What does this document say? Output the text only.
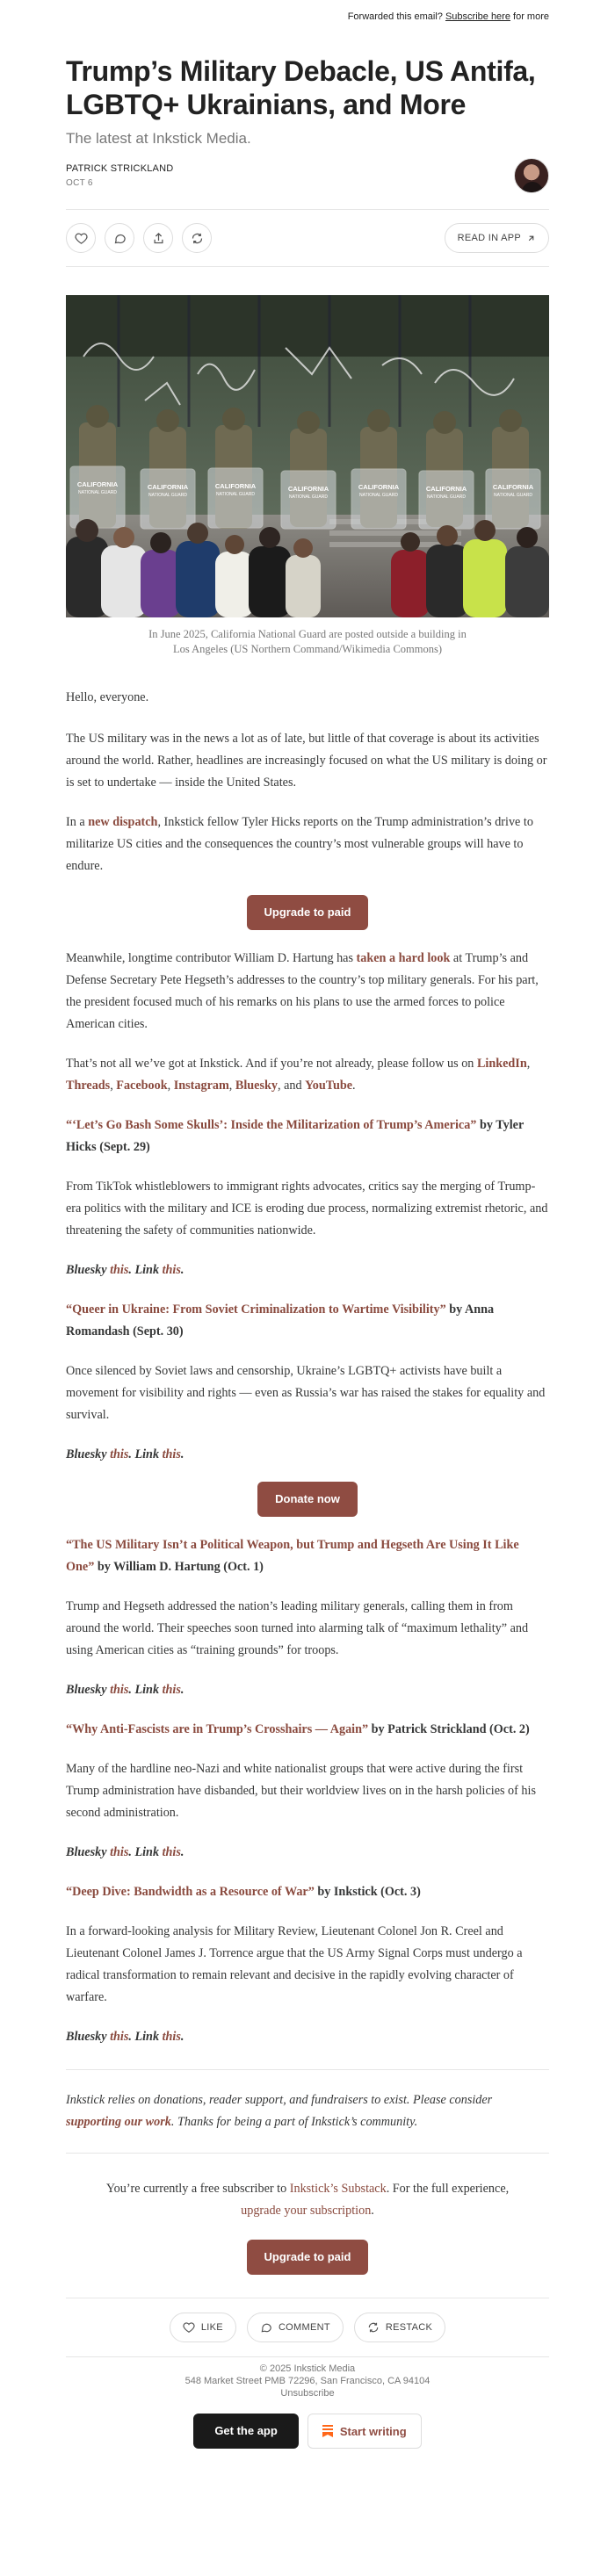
Forwarded this email? Subscribe here for more
Trump’s Military Debacle, US Antifa, LGBTQ+ Ukrainians, and More
The latest at Inkstick Media.
PATRICK STRICKLAND
OCT 6
READ IN APP
CALIFORNIA	CALIFORNIA	CALIFORNIA	CALIFORNIA	CALIFORNIA	CALIFORNIA	CALIFORNIA
NATIONAL GUARD	NATIONAL GUARD	NATIONAL GUARD	NATIONAL GUARD	NATIONAL GUARD	NATIONAL GUARD	NATIONAL GUARD
In June 2025, California National Guard are posted outside a building in Los Angeles (US Northern Command/Wikimedia Commons)

Hello, everyone.

The US military was in the news a lot as of late, but little of that coverage is about its activities around the world. Rather, headlines are increasingly focused on what the US military is doing or is set to undertake — inside the United States.

In a new dispatch, Inkstick fellow Tyler Hicks reports on the Trump administration’s drive to militarize US cities and the consequences the country’s most vulnerable groups will have to endure.

Upgrade to paid

Meanwhile, longtime contributor William D. Hartung has taken a hard look at Trump’s and Defense Secretary Pete Hegseth’s addresses to the country’s top military generals. For his part, the president focused much of his remarks on his plans to use the armed forces to police American cities.

That’s not all we’ve got at Inkstick. And if you’re not already, please follow us on LinkedIn, Threads, Facebook, Instagram, Bluesky, and YouTube.

“‘Let’s Go Bash Some Skulls’: Inside the Militarization of Trump’s America” by Tyler Hicks (Sept. 29)

From TikTok whistleblowers to immigrant rights advocates, critics say the merging of Trump-era politics with the military and ICE is eroding due process, normalizing extremist rhetoric, and threatening the safety of communities nationwide.

Bluesky this. Link this.

“Queer in Ukraine: From Soviet Criminalization to Wartime Visibility” by Anna Romandash (Sept. 30)

Once silenced by Soviet laws and censorship, Ukraine’s LGBTQ+ activists have built a movement for visibility and rights — even as Russia’s war has raised the stakes for equality and survival.

Bluesky this. Link this.

Donate now

“The US Military Isn’t a Political Weapon, but Trump and Hegseth Are Using It Like One” by William D. Hartung (Oct. 1)

Trump and Hegseth addressed the nation’s leading military generals, calling them in from around the world. Their speeches soon turned into alarming talk of “maximum lethality” and using American cities as “training grounds” for troops.

Bluesky this. Link this.

“Why Anti-Fascists are in Trump’s Crosshairs — Again” by Patrick Strickland (Oct. 2)

Many of the hardline neo-Nazi and white nationalist groups that were active during the first Trump administration have disbanded, but their worldview lives on in the harsh policies of his second administration.

Bluesky this. Link this.

“Deep Dive: Bandwidth as a Resource of War” by Inkstick (Oct. 3)

In a forward-looking analysis for Military Review, Lieutenant Colonel Jon R. Creel and Lieutenant Colonel James J. Torrence argue that the US Army Signal Corps must undergo a radical transformation to remain relevant and decisive in the rapidly evolving character of warfare.

Bluesky this. Link this.

Inkstick relies on donations, reader support, and fundraisers to exist. Please consider supporting our work. Thanks for being a part of Inkstick’s community.

You’re currently a free subscriber to Inkstick’s Substack. For the full experience, upgrade your subscription.

Upgrade to paid
LIKE	COMMENT	RESTACK
© 2025 Inkstick Media
548 Market Street PMB 72296, San Francisco, CA 94104
Unsubscribe
Get the app	Start writing
